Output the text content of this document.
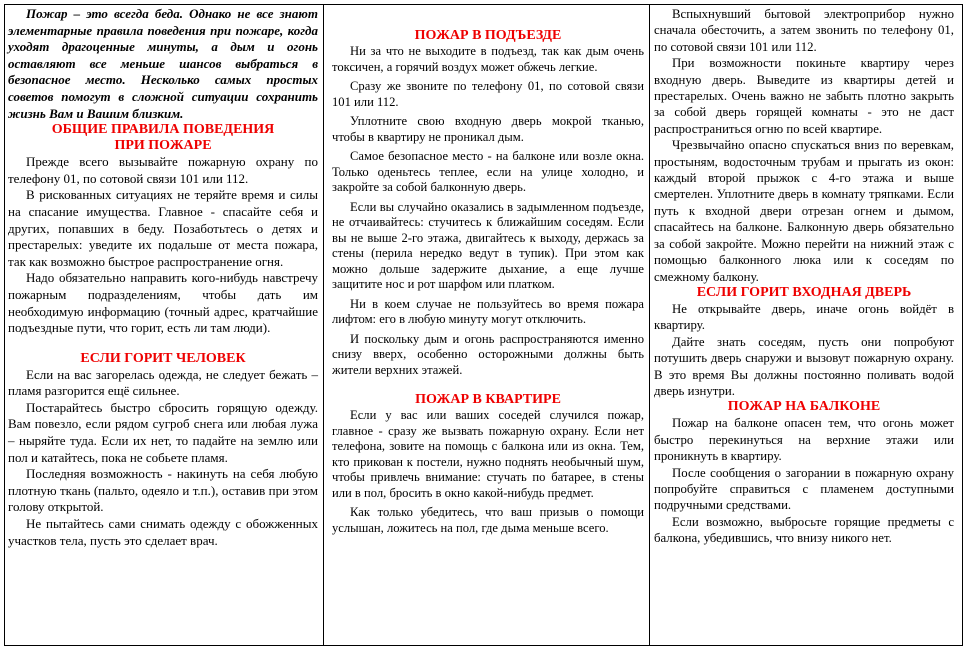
Пожар – это всегда беда. Однако не все знают элементарные правила поведения при пожаре, когда уходят драгоценные минуты, а дым и огонь оставляют все меньше шансов выбраться в безопасное место. Несколько самых простых советов помогут в сложной ситуации сохранить жизнь Вам и Вашим близким.

ОБЩИЕ ПРАВИЛА ПОВЕДЕНИЯ
ПРИ ПОЖАРЕ

Прежде всего вызывайте пожарную охрану по телефону 01, по сотовой связи 101 или 112.

В рискованных ситуациях не теряйте время и силы на спасание имущества. Главное - спасайте себя и других, попавших в беду. Позаботьтесь о детях и престарелых: уведите их подальше от места пожара, так как возможно быстрое распространение огня.

Надо обязательно направить кого-нибудь навстречу пожарным подразделениям, чтобы дать им необходимую информацию (точный адрес, кратчайшие подъездные пути, что горит, есть ли там люди).

ЕСЛИ ГОРИТ ЧЕЛОВЕК

Если на вас загорелась одежда, не следует бежать – пламя разгорится ещё сильнее.

Постарайтесь быстро сбросить горящую одежду. Вам повезло, если рядом сугроб снега или любая лужа – ныряйте туда. Если их нет, то падайте на землю или пол и катайтесь, пока не собьете пламя.

Последняя возможность - накинуть на себя любую плотную ткань (пальто, одеяло и т.п.), оставив при этом голову открытой.

Не пытайтесь сами снимать одежду с обожженных участков тела, пусть это сделает врач.

ПОЖАР В ПОДЪЕЗДЕ

Ни за что не выходите в подъезд, так как дым очень токсичен, а горячий воздух может обжечь легкие.

Сразу же звоните по телефону 01, по сотовой связи 101 или 112.

Уплотните свою входную дверь мокрой тканью, чтобы в квартиру не проникал дым.

Самое безопасное место - на балконе или возле окна. Только оденьтесь теплее, если на улице холодно, и закройте за собой балконную дверь.

Если вы случайно оказались в задымленном подъезде, не отчаивайтесь: стучитесь к ближайшим соседям. Если вы не выше 2-го этажа, двигайтесь к выходу, держась за стены (перила нередко ведут в тупик). При этом как можно дольше задержите дыхание, а еще лучше защитите нос и рот шарфом или платком.

Ни в коем случае не пользуйтесь во время пожара лифтом: его в любую минуту могут отключить.

И поскольку дым и огонь распространяются именно снизу вверх, особенно осторожными должны быть жители верхних этажей.

ПОЖАР В КВАРТИРЕ

Если у вас или ваших соседей случился пожар, главное - сразу же вызвать пожарную охрану. Если нет телефона, зовите на помощь с балкона или из окна. Тем, кто прикован к постели, нужно поднять необычный шум, чтобы привлечь внимание: стучать по батарее, в стены или в пол, бросить в окно какой-нибудь предмет.

Как только убедитесь, что ваш призыв о помощи услышан, ложитесь на пол, где дыма меньше всего.

Вспыхнувший бытовой электроприбор нужно сначала обесточить, а затем звонить по телефону 01, по сотовой связи 101 или 112.

При возможности покиньте квартиру через входную дверь. Выведите из квартиры детей и престарелых. Очень важно не забыть плотно закрыть за собой дверь горящей комнаты - это не даст распространиться огню по всей квартире.

Чрезвычайно опасно спускаться вниз по веревкам, простыням, водосточным трубам и прыгать из окон: каждый второй прыжок с 4-го этажа и выше смертелен. Уплотните дверь в комнату тряпками. Если путь к входной двери отрезан огнем и дымом, спасайтесь на балконе. Балконную дверь обязательно за собой закройте. Можно перейти на нижний этаж с помощью балконного люка или к соседям по смежному балкону.

ЕСЛИ ГОРИТ ВХОДНАЯ ДВЕРЬ

Не открывайте дверь, иначе огонь войдёт в квартиру.

Дайте знать соседям, пусть они попробуют потушить дверь снаружи и вызовут пожарную охрану. В это время Вы должны постоянно поливать водой дверь изнутри.

ПОЖАР НА БАЛКОНЕ

Пожар на балконе опасен тем, что огонь может быстро перекинуться на верхние этажи или проникнуть в квартиру.

После сообщения о загорании в пожарную охрану попробуйте справиться с пламенем доступными подручными средствами.

Если возможно, выбросьте горящие предметы с балкона, убедившись, что внизу никого нет.
